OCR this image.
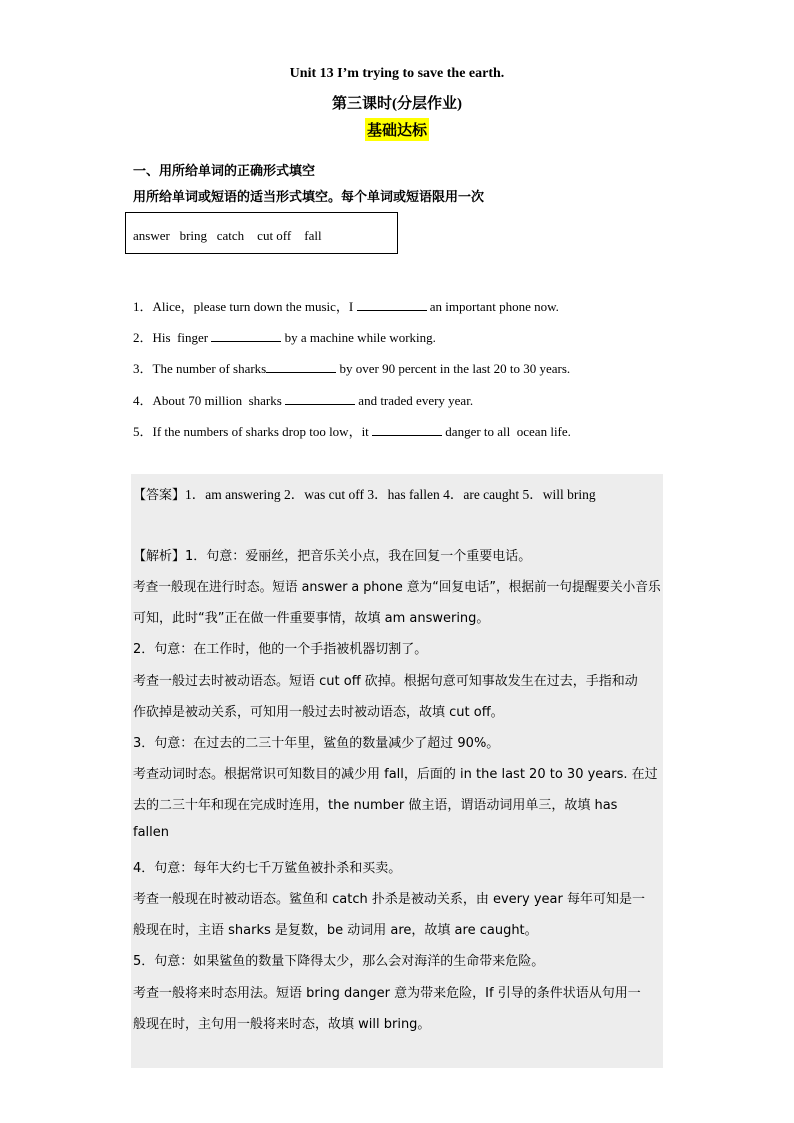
Unit 13 I’m trying to save the earth.
第三课时(分层作业)
基础达标
一、用所给单词的正确形式填空
用所给单词或短语的适当形式填空。每个单词或短语限用一次
answer   bring   catch    cut off    fall
1．Alice，please turn down the music，I	an important phone now.
2．His  finger	by a machine while working.
3．The number of sharks	by over 90 percent in the last 20 to 30 years.
4．About 70 million  sharks	and traded every year.
5．If the numbers of sharks drop too low，it	danger to all  ocean life.
【答案】1．am answering 2．was cut off 3．has fallen 4．are caught 5．will bring
【解析】1．句意：爱丽丝，把音乐关小点，我在回复一个重要电话。
考查一般现在进行时态。短语 answer a phone 意为“回复电话”，根据前一句提醒要关小音乐
可知，此时“我”正在做一件重要事情，故填 am answering。
2．句意：在工作时，他的一个手指被机器切割了。
考查一般过去时被动语态。短语 cut off 砍掉。根据句意可知事故发生在过去，手指和动
作砍掉是被动关系，可知用一般过去时被动语态，故填 cut off。
3．句意：在过去的二三十年里，鲨鱼的数量减少了超过 90%。
考查动词时态。根据常识可知数目的减少用 fall，后面的 in the last 20 to 30 years. 在过
去的二三十年和现在完成时连用，the number 做主语，谓语动词用单三，故填 has
fallen
4．句意：每年大约七千万鲨鱼被扑杀和买卖。
考查一般现在时被动语态。鲨鱼和 catch 扑杀是被动关系，由 every year 每年可知是一
般现在时，主语 sharks 是复数，be 动词用 are，故填 are caught。
5．句意：如果鲨鱼的数量下降得太少，那么会对海洋的生命带来危险。
考查一般将来时态用法。短语 bring danger 意为带来危险，If 引导的条件状语从句用一
般现在时，主句用一般将来时态，故填 will bring。
